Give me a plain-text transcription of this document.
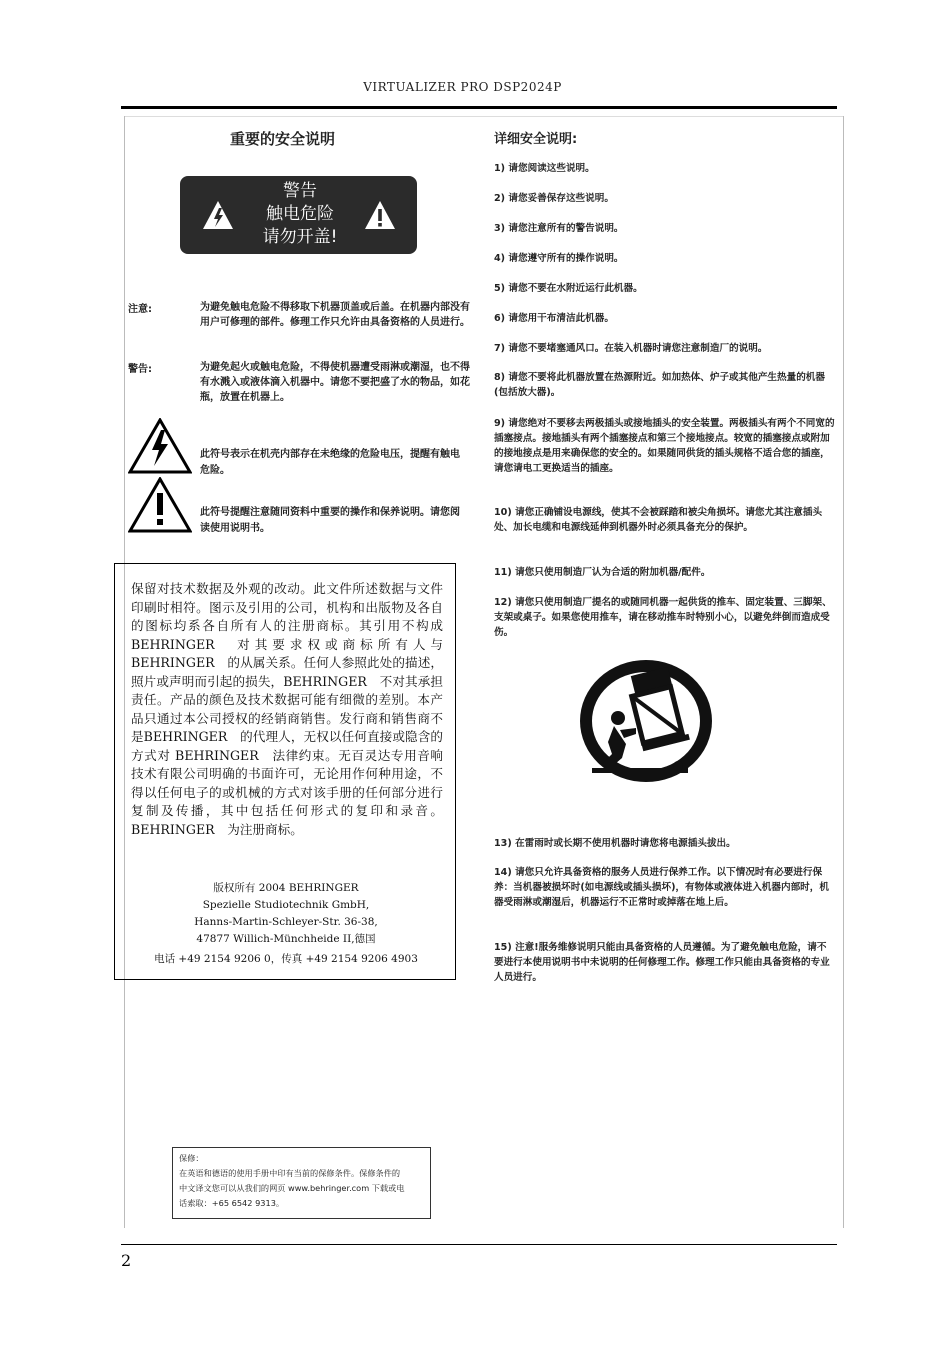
VIRTUALIZER PRO DSP2024P
2
重要的安全说明
警告
触电危险
请勿开盖!
注意:	为避免触电危险不得移取下机器顶盖或后盖。在机器内部没有用户可修理的部件。修理工作只允许由具备资格的人员进行。
警告:	为避免起火或触电危险，不得使机器遭受雨淋或潮湿，也不得有水溅入或液体滴入机器中。请您不要把盛了水的物品，如花瓶，放置在机器上。
此符号表示在机壳内部存在未绝缘的危险电压，提醒有触电危险。
此符号提醒注意随同资料中重要的操作和保养说明。请您阅读使用说明书。
保留对技术数据及外观的改动。此文件所述数据与文件印刷时相符。图示及引用的公司，机构和出版物及各自的图标均系各自所有人的注册商标。其引用不构成BEHRINGER　对其要求权或商标所有人与 BEHRINGER　的从属关系。任何人参照此处的描述，照片或声明而引起的损失，BEHRINGER　不对其承担责任。产品的颜色及技术数据可能有细微的差别。本产品只通过本公司授权的经销商销售。发行商和销售商不是BEHRINGER　的代理人，无权以任何直接或隐含的方式对 BEHRINGER　法律约束。无百灵达专用音响技术有限公司明确的书面许可，无论用作何种用途，不得以任何电子的或机械的方式对该手册的任何部分进行复制及传播，其中包括任何形式的复印和录音。BEHRINGER　为注册商标。
版权所有 2004 BEHRINGER
Spezielle Studiotechnik GmbH,
Hanns-Martin-Schleyer-Str. 36-38,
47877 Willich-Münchheide II,德国
电话 +49 2154 9206 0，传真 +49 2154 9206 4903
保修：
在英语和德语的使用手册中印有当前的保修条件。保修条件的
中文译文您可以从我们的网页 www.behringer.com 下载或电
话索取：+65 6542 9313。
详细安全说明:
1) 请您阅读这些说明。
2) 请您妥善保存这些说明。
3) 请您注意所有的警告说明。
4) 请您遵守所有的操作说明。
5) 请您不要在水附近运行此机器。
6) 请您用干布清洁此机器。
7) 请您不要堵塞通风口。在装入机器时请您注意制造厂的说明。
8) 请您不要将此机器放置在热源附近。如加热体、炉子或其他产生热量的机器(包括放大器)。
9) 请您绝对不要移去两极插头或接地插头的安全装置。两极插头有两个不同宽的插塞接点。接地插头有两个插塞接点和第三个接地接点。较宽的插塞接点或附加的接地接点是用来确保您的安全的。如果随同供货的插头规格不适合您的插座，请您请电工更换适当的插座。
10) 请您正确铺设电源线，使其不会被踩踏和被尖角损坏。请您尤其注意插头处、加长电缆和电源线延伸到机器外时必须具备充分的保护。
11) 请您只使用制造厂认为合适的附加机器/配件。
12) 请您只使用制造厂提名的或随同机器一起供货的推车、固定装置、三脚架、支架或桌子。如果您使用推车，请在移动推车时特别小心，以避免绊倒而造成受伤。
13) 在雷雨时或长期不使用机器时请您将电源插头拔出。
14) 请您只允许具备资格的服务人员进行保养工作。以下情况时有必要进行保养：当机器被损坏时(如电源线或插头损坏)，有物体或液体进入机器内部时，机器受雨淋或潮湿后，机器运行不正常时或掉落在地上后。
15) 注意!服务维修说明只能由具备资格的人员遵循。为了避免触电危险，请不要进行本使用说明书中未说明的任何修理工作。修理工作只能由具备资格的专业人员进行。
